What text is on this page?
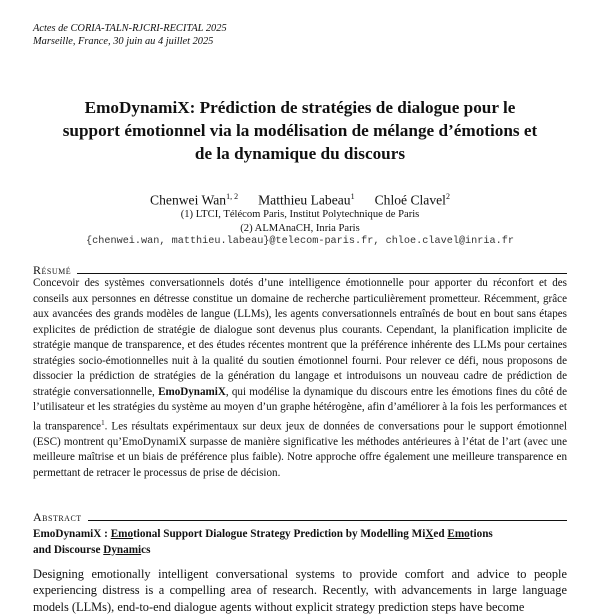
Actes de CORIA-TALN-RJCRI-RECITAL 2025
Marseille, France, 30 juin au 4 juillet 2025
EmoDynamiX: Prédiction de stratégies de dialogue pour le
support émotionnel via la modélisation de mélange d’émotions et
de la dynamique du discours
Chenwei Wan$^{1, 2}$ Matthieu Labeau$^1$ Chloé Clavel$^2$
(1) LTCI, Télécom Paris, Institut Polytechnique de Paris
(2) ALMAnaCH, Inria Paris
{chenwei.wan, matthieu.labeau}@telecom-paris.fr, chloe.clavel@inria.fr
Résumé
Concevoir des systèmes conversationnels dotés d’une intelligence émotionnelle pour apporter du réconfort et des conseils aux personnes en détresse constitue un domaine de recherche particulièrement prometteur. Récemment, grâce aux avancées des grands modèles de langue (LLMs), les agents conversationnels entraînés de bout en bout sans étapes explicites de prédiction de stratégie de dialogue sont devenus plus courants. Cependant, la planification implicite de stratégie manque de transparence, et des études récentes montrent que la préférence inhérente des LLMs pour certaines stratégies socio-émotionnelles nuit à la qualité du soutien émotionnel fourni. Pour relever ce défi, nous proposons de dissocier la prédiction de stratégies de la génération du langage et introduisons un nouveau cadre de prédiction de stratégie conversationnelle, EmoDynamiX, qui modélise la dynamique du discours entre les émotions fines du côté de l’utilisateur et les stratégies du système au moyen d’un graphe hétérogène, afin d’améliorer à la fois les performances et la transparence$^1$. Les résultats expérimentaux sur deux jeux de données de conversations pour le support émotionnel (ESC) montrent qu’EmoDynamiX surpasse de manière significative les méthodes antérieures à l’état de l’art (avec une meilleure maîtrise et un biais de préférence plus faible). Notre approche offre également une meilleure transparence en permettant de retracer le processus de prise de décision.
Abstract
EmoDynamiX : Emotional Support Dialogue Strategy Prediction by Modelling MiXed Emotions
and Discourse Dynamics
Designing emotionally intelligent conversational systems to provide comfort and advice to people experiencing distress is a compelling area of research. Recently, with advancements in large language models (LLMs), end-to-end dialogue agents without explicit strategy prediction steps have become
